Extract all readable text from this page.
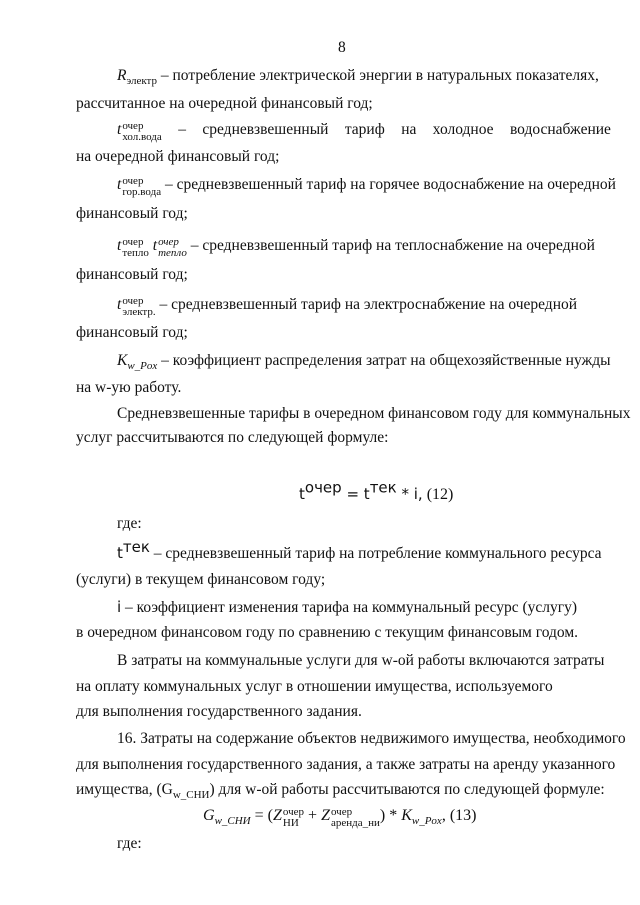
8
$R_{электр}$ – потребление электрической энергии в натуральных показателях,
рассчитанное на очередной финансовый год;
t очер
хол.вода – средневзвешенный тариф на холодное водоснабжение
на очередной финансовый год;
t очер
гор.вода – средневзвешенный тариф на горячее водоснабжение на очередной
финансовый год;
t очер
тепло t очер
тепло – средневзвешенный тариф на теплоснабжение на очередной
финансовый год;
t очер
электр. – средневзвешенный тариф на электроснабжение на очередной
финансовый год;
$K_{w\_Pox}$ – коэффициент распределения затрат на общехозяйственные нужды
на w-ую работу.
Средневзвешенные тарифы в очередном финансовом году для коммунальных
услуг рассчитываются по следующей формуле:
$t^{очер} = t^{тек} * i$, (12)
где:
$t^{тек}$ – средневзвешенный тариф на потребление коммунального ресурса
(услуги) в текущем финансовом году;
i – коэффициент изменения тарифа на коммунальный ресурс (услугу)
в очередном финансовом году по сравнению с текущим финансовым годом.
В затраты на коммунальные услуги для w-ой работы включаются затраты
на оплату коммунальных услуг в отношении имущества, используемого
для выполнения государственного задания.
16. Затраты на содержание объектов недвижимого имущества, необходимого
для выполнения государственного задания, а также затраты на аренду указанного
имущества, $(G_{w\_СНИ})$ для w-ой работы рассчитываются по следующей формуле:
$G_{w\_СНИ} = (Z$ очер
НИ + Z очер
аренда_ни ) * $K_{w\_Pox}$, (13)
где:
